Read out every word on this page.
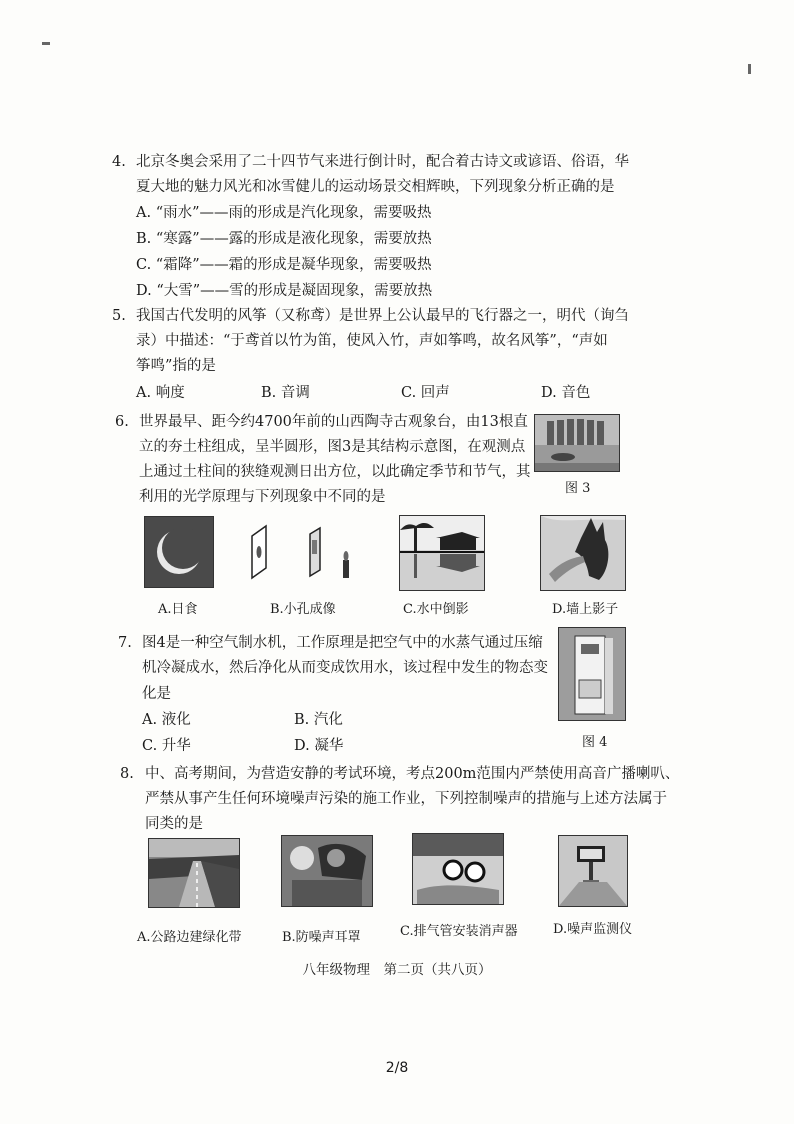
4. 北京冬奥会采用了二十四节气来进行倒计时，配合着古诗文或谚语、俗语，华
夏大地的魅力风光和冰雪健儿的运动场景交相辉映，下列现象分析正确的是
A. “雨水”——雨的形成是汽化现象，需要吸热
B. “寒露”——露的形成是液化现象，需要放热
C. “霜降”——霜的形成是凝华现象，需要吸热
D. “大雪”——雪的形成是凝固现象，需要放热
5. 我国古代发明的风筝（又称鸢）是世界上公认最早的飞行器之一，明代（询刍
录）中描述：“于鸢首以竹为笛，使风入竹，声如筝鸣，故名风筝”，“声如
筝鸣”指的是
A. 响度	B. 音调	C. 回声	D. 音色
6. 世界最早、距今约4700年前的山西陶寺古观象台，由13根直
立的夯土柱组成，呈半圆形，图3是其结构示意图，在观测点
上通过土柱间的狭缝观测日出方位，以此确定季节和节气，其
利用的光学原理与下列现象中不同的是
图 3
A.日食	B.小孔成像	C.水中倒影	D.墙上影子
7. 图4是一种空气制水机，工作原理是把空气中的水蒸气通过压缩
机冷凝成水，然后净化从而变成饮用水，该过程中发生的物态变
化是
A. 液化	B. 汽化
C. 升华	D. 凝华	图 4
8. 中、高考期间，为营造安静的考试环境，考点200m范围内严禁使用高音广播喇叭、
严禁从事产生任何环境噪声污染的施工作业，下列控制噪声的措施与上述方法属于
同类的是
A.公路边建绿化带	B.防噪声耳罩	C.排气管安装消声器	D.噪声监测仪
八年级物理　第二页（共八页）
2/8
